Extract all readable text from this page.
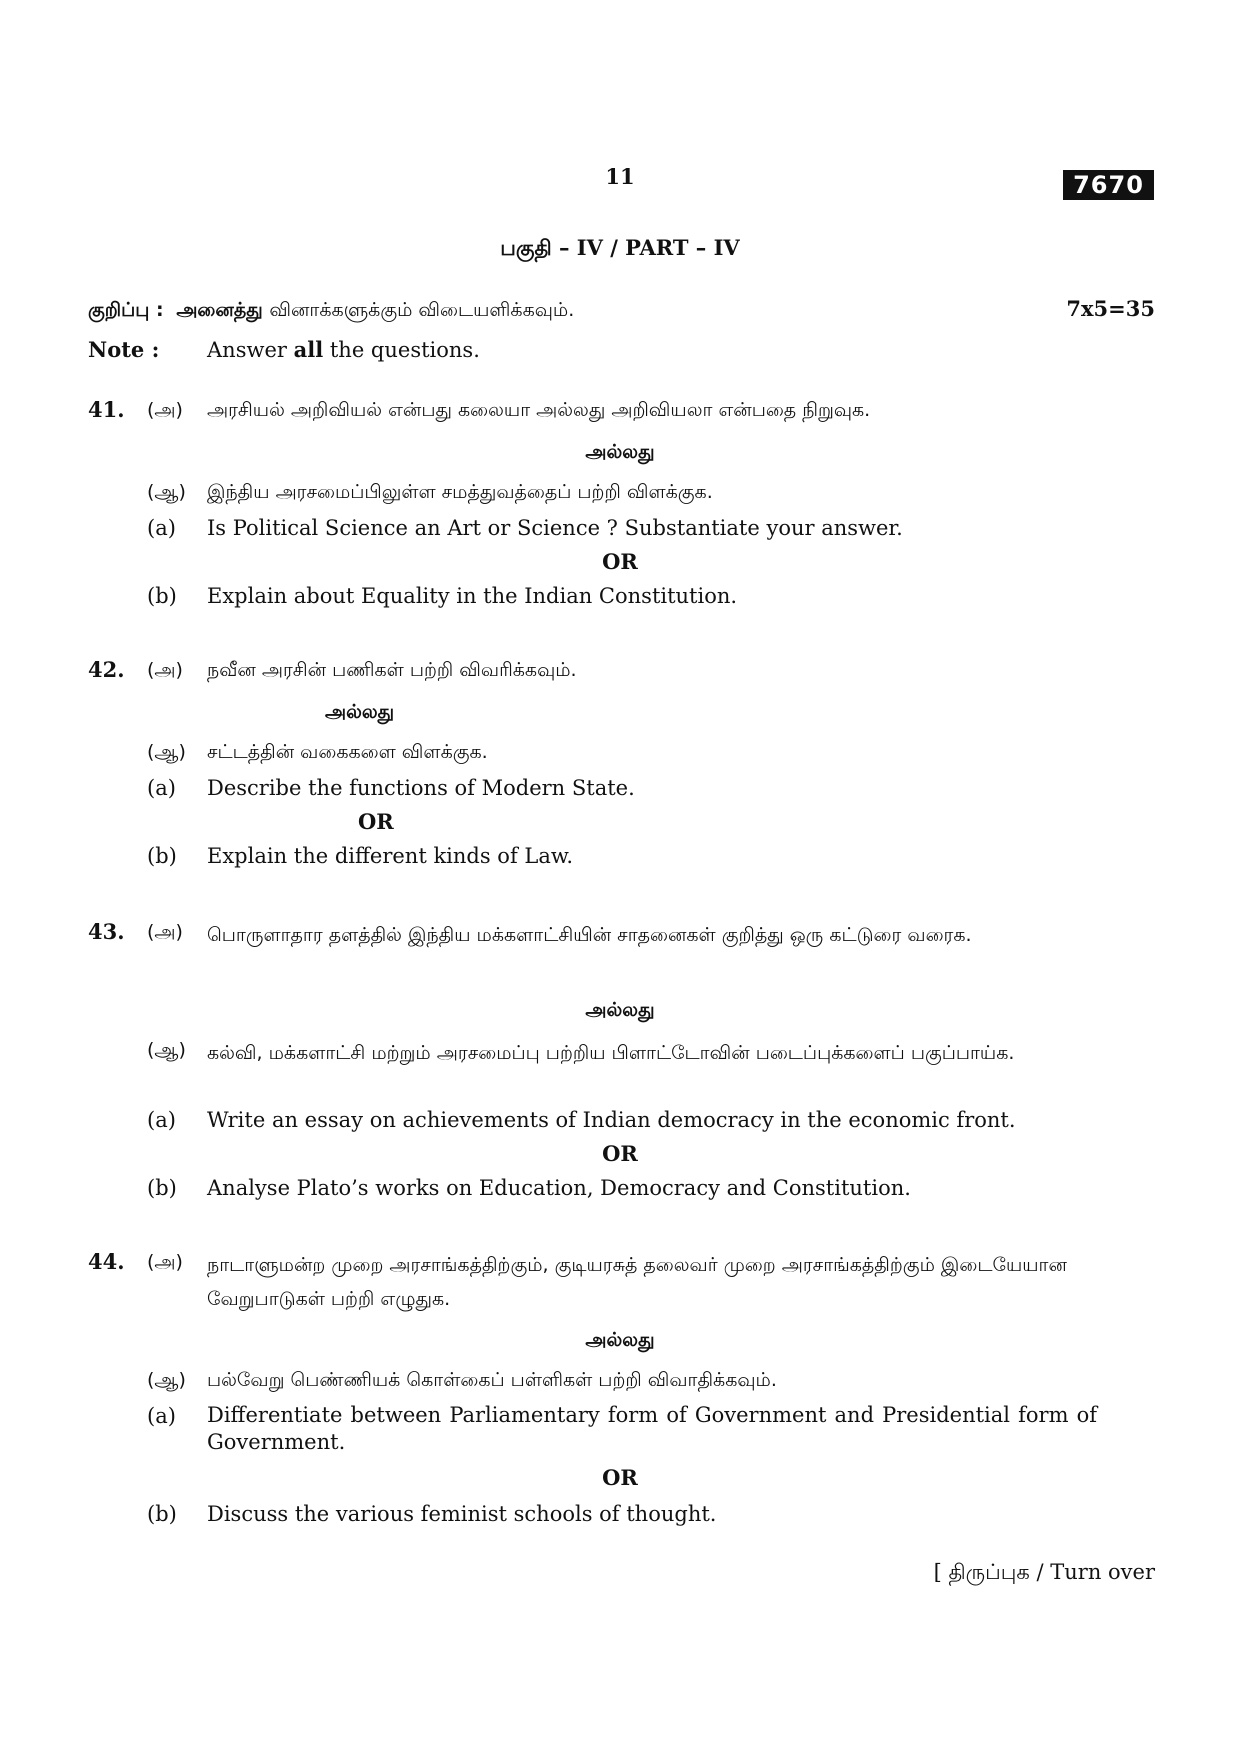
11	7670
பகுதி – IV / PART – IV
குறிப்பு : அனைத்து வினாக்களுக்கும் விடையளிக்கவும்.	7x5=35
Note : Answer all the questions.
41. (அ) அரசியல் அறிவியல் என்பது கலையா அல்லது அறிவியலா என்பதை நிறுவுக.
அல்லது
(ஆ) இந்திய அரசமைப்பிலுள்ள சமத்துவத்தைப் பற்றி விளக்குக.
(a) Is Political Science an Art or Science ? Substantiate your answer.
OR
(b) Explain about Equality in the Indian Constitution.
42. (அ) நவீன அரசின் பணிகள் பற்றி விவரிக்கவும்.
அல்லது
(ஆ) சட்டத்தின் வகைகளை விளக்குக.
(a) Describe the functions of Modern State.
OR
(b) Explain the different kinds of Law.
43. (அ) பொருளாதார தளத்தில் இந்திய மக்களாட்சியின் சாதனைகள் குறித்து ஒரு கட்டுரை வரைக.
அல்லது
(ஆ) கல்வி, மக்களாட்சி மற்றும் அரசமைப்பு பற்றிய பிளாட்டோவின் படைப்புக்களைப் பகுப்பாய்க.
(a) Write an essay on achievements of Indian democracy in the economic front.
OR
(b) Analyse Plato’s works on Education, Democracy and Constitution.
44. (அ) நாடாளுமன்ற முறை அரசாங்கத்திற்கும், குடியரசுத் தலைவர் முறை அரசாங்கத்திற்கும் இடையேயான வேறுபாடுகள் பற்றி எழுதுக.
அல்லது
(ஆ) பல்வேறு பெண்ணியக் கொள்கைப் பள்ளிகள் பற்றி விவாதிக்கவும்.
(a) Differentiate between Parliamentary form of Government and Presidential form of Government.
OR
(b) Discuss the various feminist schools of thought.
[ திருப்புக / Turn over
